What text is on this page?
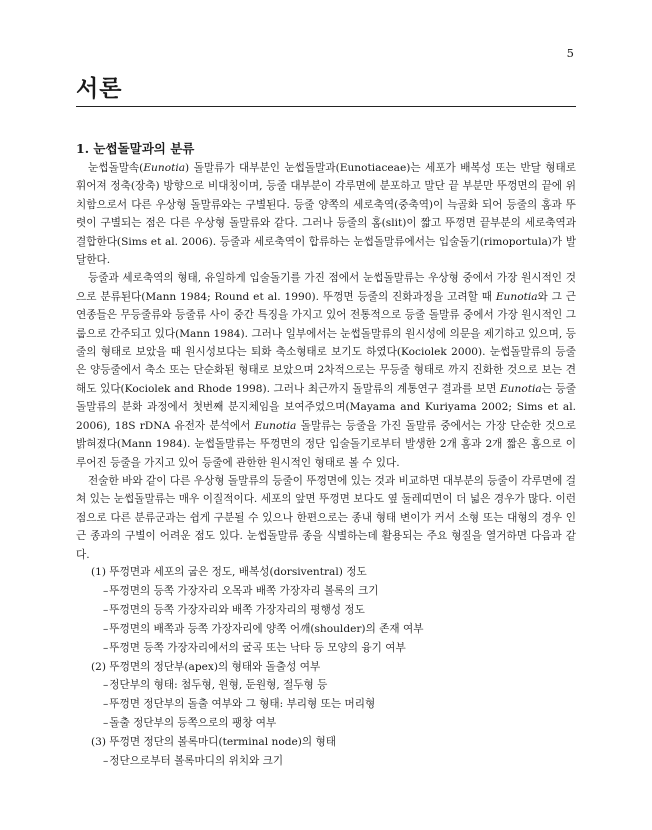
5
서론
1. 눈썹돌말과의 분류

눈썹돌말속(Eunotia) 돌말류가 대부분인 눈썹돌말과(Eunotiaceae)는 세포가 배복성 또는 반달 형태로 휘어져 정축(장축) 방향으로 비대칭이며, 등줄 대부분이 각루면에 분포하고 말단 끝 부분만 뚜껑면의 끝에 위치함으로서 다른 우상형 돌말류와는 구별된다. 등줄 양쪽의 세로축역(중축역)이 늑골화 되어 등줄의 홈과 뚜렷이 구별되는 점은 다른 우상형 돌말류와 같다. 그러나 등줄의 홈(slit)이 짧고 뚜껑면 끝부분의 세로축역과 결합한다(Sims et al. 2006). 등줄과 세로축역이 합류하는 눈썹돌말류에서는 입술돌기(rimoportula)가 발달한다.

등줄과 세로축역의 형태, 유일하게 입술돌기를 가진 점에서 눈썹돌말류는 우상형 중에서 가장 원시적인 것으로 분류된다(Mann 1984; Round et al. 1990). 뚜껑면 등줄의 진화과정을 고려할 때 Eunotia와 그 근연종들은 무등줄류와 등줄류 사이 중간 특징을 가지고 있어 전통적으로 등줄 돌말류 중에서 가장 원시적인 그룹으로 간주되고 있다(Mann 1984). 그러나 일부에서는 눈썹돌말류의 원시성에 의문을 제기하고 있으며, 등줄의 형태로 보았을 때 원시성보다는 퇴화 축소형태로 보기도 하였다(Kociolek 2000). 눈썹돌말류의 등줄은 양등줄에서 축소 또는 단순화된 형태로 보았으며 2차적으로는 무등줄 형태로 까지 진화한 것으로 보는 견해도 있다(Kociolek and Rhode 1998). 그러나 최근까지 돌말류의 계통연구 결과를 보면 Eunotia는 등줄 돌말류의 분화 과정에서 첫번째 분지체임을 보여주었으며(Mayama and Kuriyama 2002; Sims et al. 2006), 18S rDNA 유전자 분석에서 Eunotia 돌말류는 등줄을 가진 돌말류 중에서는 가장 단순한 것으로 밝혀졌다(Mann 1984). 눈썹돌말류는 뚜껑면의 정단 입술돌기로부터 발생한 2개 홈과 2개 짧은 홈으로 이루어진 등줄을 가지고 있어 등줄에 관한한 원시적인 형태로 볼 수 있다.

전술한 바와 같이 다른 우상형 돌말류의 등줄이 뚜껑면에 있는 것과 비교하면 대부분의 등줄이 각루면에 걸쳐 있는 눈썹돌말류는 매우 이질적이다. 세포의 앞면 뚜껑면 보다도 옆 둘레띠면이 더 넓은 경우가 많다. 이런 점으로 다른 분류군과는 쉽게 구분될 수 있으나 한편으로는 종내 형태 변이가 커서 소형 또는 대형의 경우 인근 종과의 구별이 어려운 점도 있다. 눈썹돌말류 종을 식별하는데 활용되는 주요 형질을 열거하면 다음과 같다.

(1) 뚜껑면과 세포의 굽은 정도, 배복성(dorsiventral) 정도
– 뚜껑면의 등쪽 가장자리 오목과 배쪽 가장자리 볼록의 크기
– 뚜껑면의 등쪽 가장자리와 배쪽 가장자리의 평행성 정도
– 뚜껑면의 배쪽과 등쪽 가장자리에 양쪽 어깨(shoulder)의 존재 여부
– 뚜껑면 등쪽 가장자리에서의 굴곡 또는 낙타 등 모양의 융기 여부
(2) 뚜껑면의 정단부(apex)의 형태와 돌출성 여부
– 정단부의 형태: 첨두형, 원형, 둔원형, 절두형 등
– 뚜껑면 정단부의 돌출 여부와 그 형태: 부리형 또는 머리형
– 돌출 정단부의 등쪽으로의 팽창 여부
(3) 뚜껑면 정단의 볼록마디(terminal node)의 형태
– 정단으로부터 볼록마디의 위치와 크기
